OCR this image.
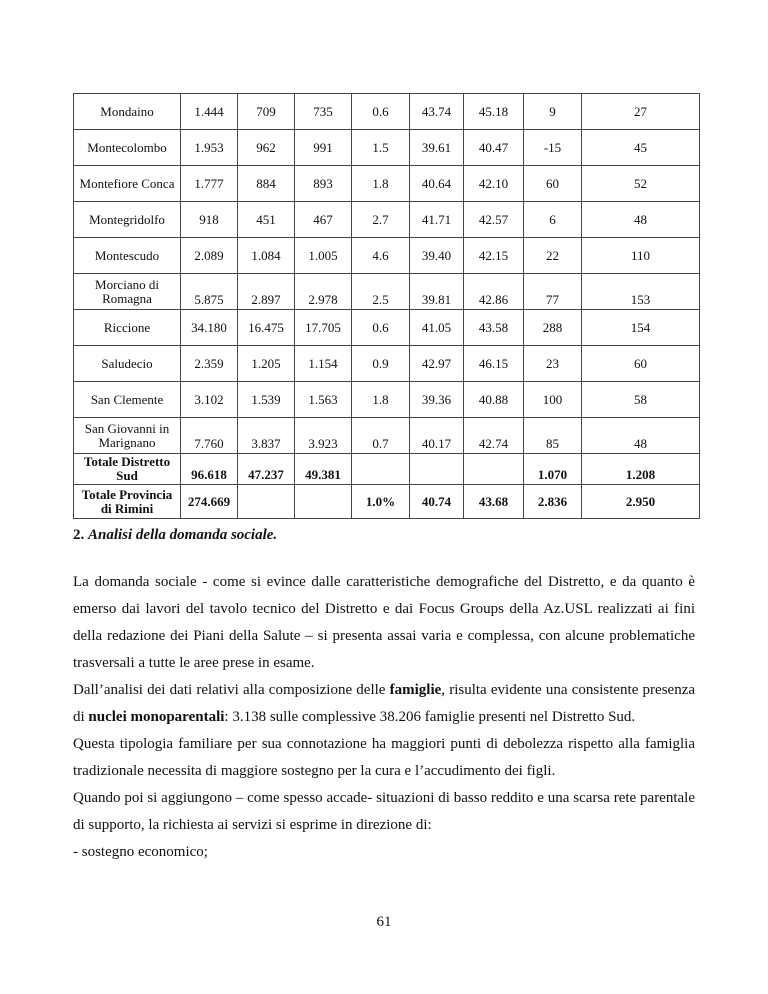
Mondaino	1.444	709	735	0.6	43.74	45.18	9	27
Montecolombo	1.953	962	991	1.5	39.61	40.47	-15	45
Montefiore Conca	1.777	884	893	1.8	40.64	42.10	60	52
Montegridolfo	918	451	467	2.7	41.71	42.57	6	48
Montescudo	2.089	1.084	1.005	4.6	39.40	42.15	22	110
Morciano di Romagna	5.875	2.897	2.978	2.5	39.81	42.86	77	153
Riccione	34.180	16.475	17.705	0.6	41.05	43.58	288	154
Saludecio	2.359	1.205	1.154	0.9	42.97	46.15	23	60
San Clemente	3.102	1.539	1.563	1.8	39.36	40.88	100	58
San Giovanni in Marignano	7.760	3.837	3.923	0.7	40.17	42.74	85	48
Totale Distretto Sud	96.618	47.237	49.381				1.070	1.208
Totale Provincia di Rimini	274.669			1.0%	40.74	43.68	2.836	2.950
2. Analisi della domanda sociale.

La domanda sociale - come si evince dalle caratteristiche demografiche del Distretto, e da quanto è emerso dai lavori del tavolo tecnico del Distretto e dai Focus Groups della Az.USL realizzati ai fini della redazione dei Piani della Salute – si presenta assai varia e complessa, con alcune problematiche trasversali a tutte le aree prese in esame.

Dall’analisi dei dati relativi alla composizione delle famiglie, risulta evidente una consistente presenza di nuclei monoparentali: 3.138 sulle complessive 38.206 famiglie presenti nel Distretto Sud.

Questa tipologia familiare per sua connotazione ha maggiori punti di debolezza rispetto alla famiglia tradizionale necessita di maggiore sostegno per la cura e l’accudimento dei figli.

Quando poi si aggiungono – come spesso accade- situazioni di basso reddito e una scarsa rete parentale di supporto, la richiesta ai servizi si esprime in direzione di:

- sostegno economico;

61
